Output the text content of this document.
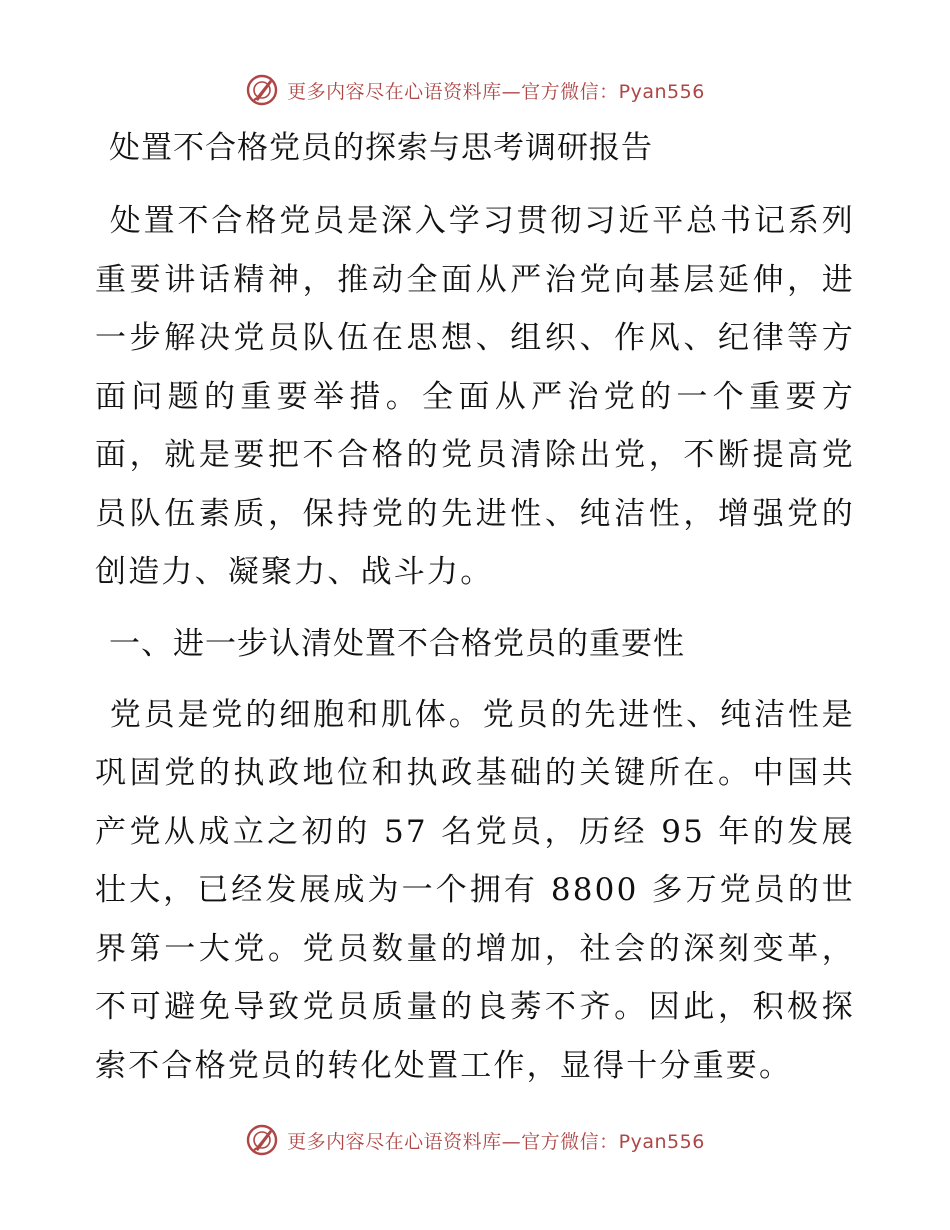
更多内容尽在心语资料库—官方微信：Pyan556
处置不合格党员的探索与思考调研报告

处置不合格党员是深入学习贯彻习近平总书记系列重要讲话精神，推动全面从严治党向基层延伸，进一步解决党员队伍在思想、组织、作风、纪律等方面问题的重要举措。全面从严治党的一个重要方面，就是要把不合格的党员清除出党，不断提高党员队伍素质，保持党的先进性、纯洁性，增强党的创造力、凝聚力、战斗力。

一、进一步认清处置不合格党员的重要性

党员是党的细胞和肌体。党员的先进性、纯洁性是巩固党的执政地位和执政基础的关键所在。中国共产党从成立之初的 57 名党员，历经 95 年的发展壮大，已经发展成为一个拥有 8800 多万党员的世界第一大党。党员数量的增加，社会的深刻变革，不可避免导致党员质量的良莠不齐。因此，积极探索不合格党员的转化处置工作，显得十分重要。

更多内容尽在心语资料库—官方微信：Pyan556
